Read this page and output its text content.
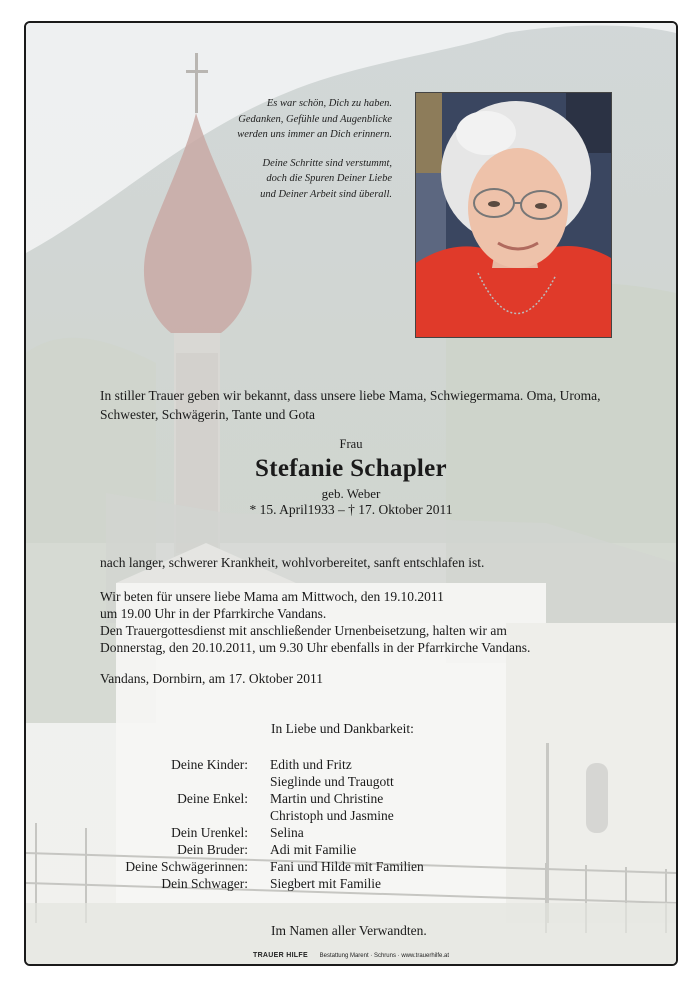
Es war schön, Dich zu haben.
Gedanken, Gefühle und Augenblicke
werden uns immer an Dich erinnern.
Deine Schritte sind verstummt,
doch die Spuren Deiner Liebe
und Deiner Arbeit sind überall.
In stiller Trauer geben wir bekannt, dass unsere liebe Mama, Schwiegermama. Oma, Uroma, Schwester, Schwägerin, Tante und Gota
Frau
Stefanie Schapler
geb. Weber
* 15. April1933 – † 17. Oktober 2011
nach langer, schwerer Krankheit, wohlvorbereitet, sanft entschlafen ist.
Wir beten für unsere liebe Mama am Mittwoch, den 19.10.2011
um 19.00 Uhr in der Pfarrkirche Vandans.
Den Trauergottesdienst mit anschließender Urnenbeisetzung, halten wir am
Donnerstag, den 20.10.2011, um 9.30 Uhr ebenfalls in der Pfarrkirche Vandans.
Vandans, Dornbirn, am 17. Oktober 2011
In Liebe und Dankbarkeit:
Deine Kinder: Edith und Fritz
Sieglinde und Traugott
Deine Enkel: Martin und Christine
Christoph und Jasmine
Dein Urenkel: Selina
Dein Bruder: Adi mit Familie
Deine Schwägerinnen: Fani und Hilde mit Familien
Dein Schwager: Siegbert mit Familie
Im Namen aller Verwandten.
TRAUER HILFE Bestattung Marent · Schruns · www.trauerhilfe.at
